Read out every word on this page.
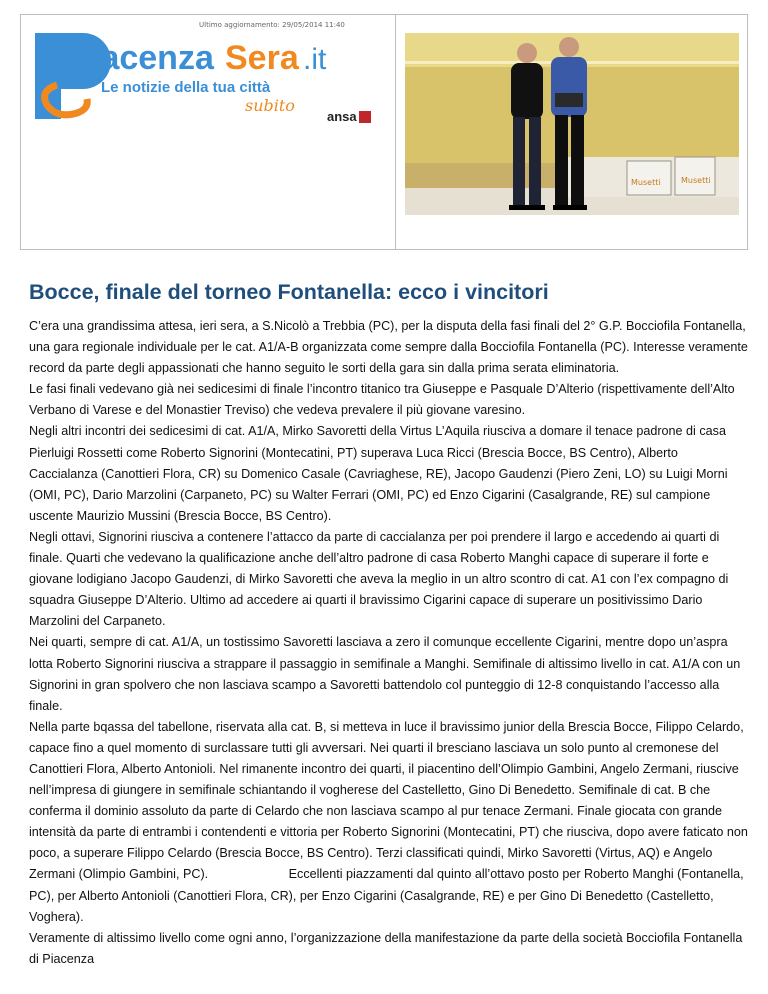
Ultimo aggiornamento: 29/05/2014 11:40
iacenza Sera .it
Le notizie della tua città
subito
ansa
Musetti	Musetti
Bocce, finale del torneo Fontanella: ecco i vincitori

C’era una grandissima attesa, ieri sera, a S.Nicolò a Trebbia (PC), per la disputa della fasi finali del 2° G.P. Bocciofila Fontanella, una gara regionale individuale per le cat. A1/A-B organizzata come sempre dalla Bocciofila Fontanella (PC). Interesse veramente record da parte degli appassionati che hanno seguito le sorti della gara sin dalla prima serata eliminatoria.

Le fasi finali vedevano già nei sedicesimi di finale l’incontro titanico tra Giuseppe e Pasquale D’Alterio (rispettivamente dell’Alto Verbano di Varese e del Monastier Treviso) che vedeva prevalere il più giovane varesino.

Negli altri incontri dei sedicesimi di cat. A1/A, Mirko Savoretti della Virtus L’Aquila riusciva a domare il tenace padrone di casa Pierluigi Rossetti come Roberto Signorini (Montecatini, PT) superava Luca Ricci (Brescia Bocce, BS Centro), Alberto Caccialanza (Canottieri Flora, CR) su Domenico Casale (Cavriaghese, RE), Jacopo Gaudenzi (Piero Zeni, LO) su Luigi Morni (OMI, PC), Dario Marzolini (Carpaneto, PC) su Walter Ferrari (OMI, PC) ed Enzo Cigarini (Casalgrande, RE) sul campione uscente Maurizio Mussini (Brescia Bocce, BS Centro).

Negli ottavi, Signorini riusciva a contenere l’attacco da parte di caccialanza per poi prendere il largo e accedendo ai quarti di finale. Quarti che vedevano la qualificazione anche dell’altro padrone di casa Roberto Manghi capace di superare il forte e giovane lodigiano Jacopo Gaudenzi, di Mirko Savoretti che aveva la meglio in un altro scontro di cat. A1 con l’ex compagno di squadra Giuseppe D’Alterio. Ultimo ad accedere ai quarti il bravissimo Cigarini capace di superare un positivissimo Dario Marzolini del Carpaneto.

Nei quarti, sempre di cat. A1/A, un tostissimo Savoretti lasciava a zero il comunque eccellente Cigarini, mentre dopo un’aspra lotta Roberto Signorini riusciva a strappare il passaggio in semifinale a Manghi. Semifinale di altissimo livello in cat. A1/A con un Signorini in gran spolvero che non lasciava scampo a Savoretti battendolo col punteggio di 12-8 conquistando l’accesso alla finale.

Nella parte bqassa del tabellone, riservata alla cat. B, si metteva in luce il bravissimo junior della Brescia Bocce, Filippo Celardo, capace fino a quel momento di surclassare tutti gli avversari. Nei quarti il bresciano lasciava un solo punto al cremonese del Canottieri Flora, Alberto Antonioli. Nel rimanente incontro dei quarti, il piacentino dell’Olimpio Gambini, Angelo Zermani, riuscive nell’impresa di giungere in semifinale schiantando il vogherese del Castelletto, Gino Di Benedetto. Semifinale di cat. B che conferma il dominio assoluto da parte di Celardo che non lasciava scampo al pur tenace Zermani. Finale giocata con grande intensità da parte di entrambi i contendenti e vittoria per Roberto Signorini (Montecatini, PT) che riusciva, dopo avere faticato non poco, a superare Filippo Celardo (Brescia Bocce, BS Centro). Terzi classificati quindi, Mirko Savoretti (Virtus, AQ) e Angelo Zermani (Olimpio Gambini, PC).                       Eccellenti piazzamenti dal quinto all’ottavo posto per Roberto Manghi (Fontanella, PC), per Alberto Antonioli (Canottieri Flora, CR), per Enzo Cigarini (Casalgrande, RE) e per Gino Di Benedetto (Castelletto, Voghera).

Veramente di altissimo livello come ogni anno, l’organizzazione della manifestazione da parte della società Bocciofila Fontanella di Piacenza
